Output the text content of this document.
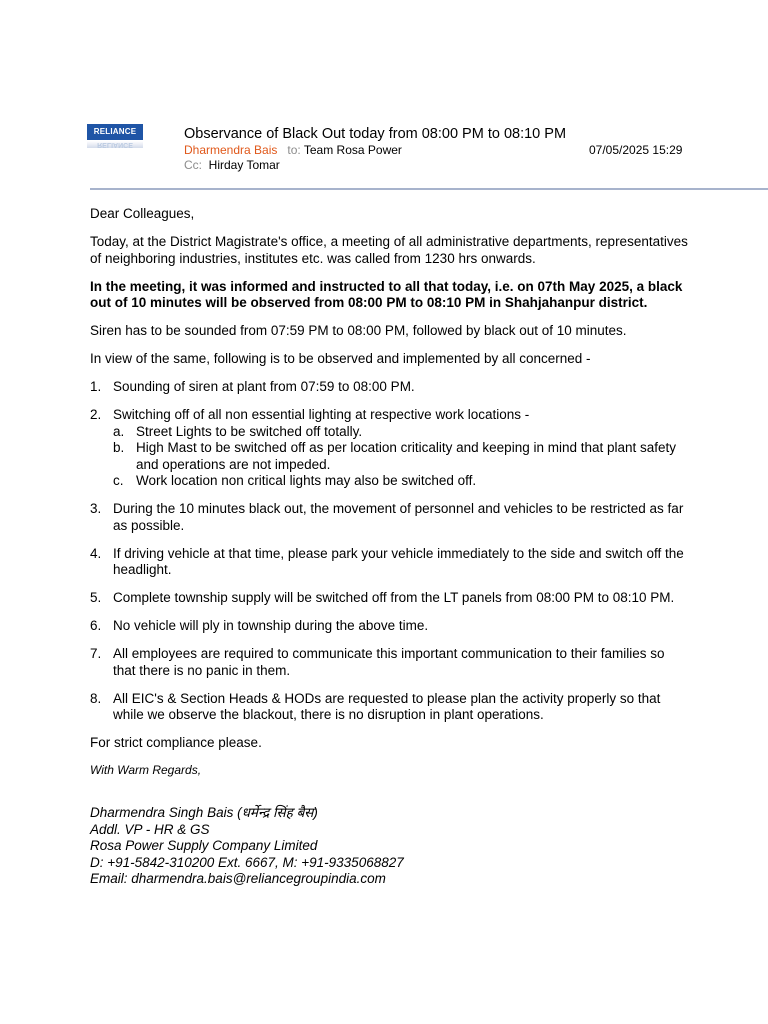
RELIANCE
RELIANCE
Observance of Black Out today from 08:00 PM to 08:10 PM
Dharmendra Bais to: Team Rosa Power	07/05/2025 15:29
Cc: Hirday Tomar

Dear Colleagues,

Today, at the District Magistrate's office, a meeting of all administrative departments, representatives of neighboring industries, institutes etc. was called from 1230 hrs onwards.

In the meeting, it was informed and instructed to all that today, i.e. on 07th May 2025, a black out of 10 minutes will be observed from 08:00 PM to 08:10 PM in Shahjahanpur district.

Siren has to be sounded from 07:59 PM to 08:00 PM, followed by black out of 10 minutes.

In view of the same, following is to be observed and implemented by all concerned -

1. Sounding of siren at plant from 07:59 to 08:00 PM.
2. Switching off of all non essential lighting at respective work locations -
a. Street Lights to be switched off totally.
b. High Mast to be switched off as per location criticality and keeping in mind that plant safety and operations are not impeded.
c. Work location non critical lights may also be switched off.
3. During the 10 minutes black out, the movement of personnel and vehicles to be restricted as far as possible.
4. If driving vehicle at that time, please park your vehicle immediately to the side and switch off the headlight.
5. Complete township supply will be switched off from the LT panels from 08:00 PM to 08:10 PM.
6. No vehicle will ply in township during the above time.
7. All employees are required to communicate this important communication to their families so that there is no panic in them.
8. All EIC's & Section Heads & HODs are requested to please plan the activity properly so that while we observe the blackout, there is no disruption in plant operations.

For strict compliance please.

With Warm Regards,
Dharmendra Singh Bais (धर्मेन्द्र सिंह बैस)
Addl. VP - HR & GS
Rosa Power Supply Company Limited
D: +91-5842-310200 Ext. 6667, M: +91-9335068827
Email: dharmendra.bais@reliancegroupindia.com
